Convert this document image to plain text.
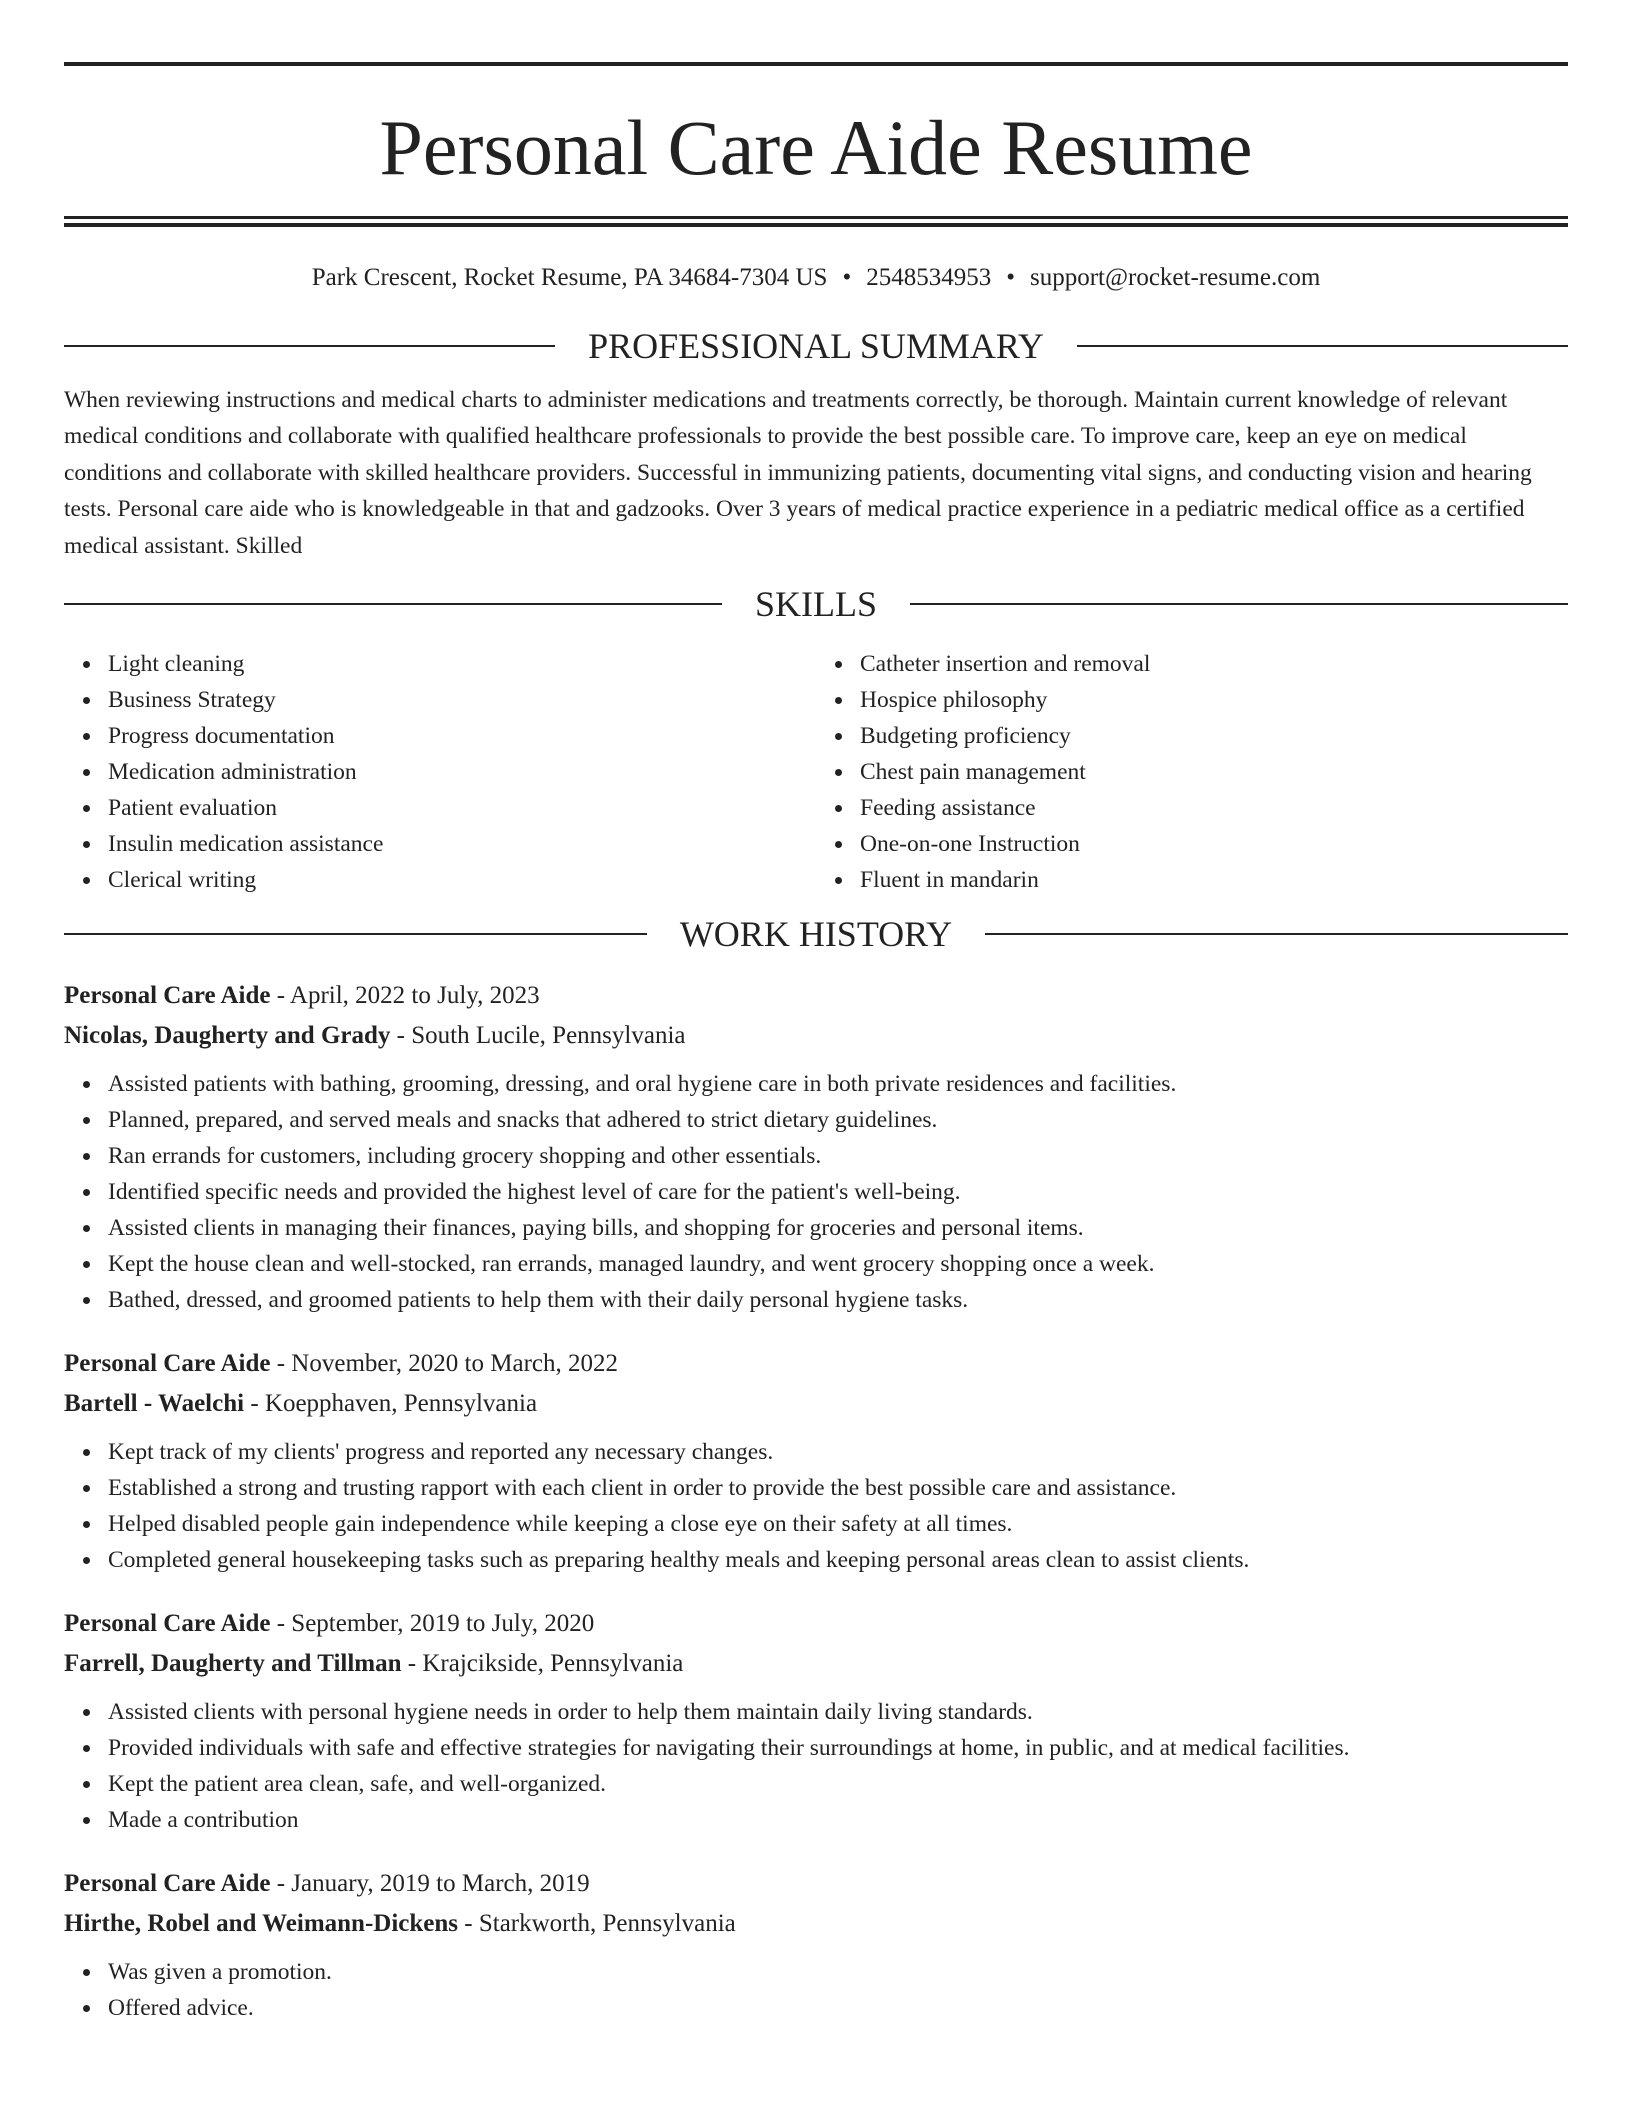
Personal Care Aide Resume
Park Crescent, Rocket Resume, PA 34684-7304 US • 2548534953 • support@rocket-resume.com
PROFESSIONAL SUMMARY

When reviewing instructions and medical charts to administer medications and treatments correctly, be thorough. Maintain current knowledge of relevant medical conditions and collaborate with qualified healthcare professionals to provide the best possible care. To improve care, keep an eye on medical conditions and collaborate with skilled healthcare providers. Successful in immunizing patients, documenting vital signs, and conducting vision and hearing tests. Personal care aide who is knowledgeable in that and gadzooks. Over 3 years of medical practice experience in a pediatric medical office as a certified medical assistant. Skilled

SKILLS
Light cleaning
Business Strategy
Progress documentation
Medication administration
Patient evaluation
Insulin medication assistance
Clerical writing
Catheter insertion and removal
Hospice philosophy
Budgeting proficiency
Chest pain management
Feeding assistance
One-on-one Instruction
Fluent in mandarin
WORK HISTORY
Personal Care Aide - April, 2022 to July, 2023
Nicolas, Daugherty and Grady - South Lucile, Pennsylvania
Assisted patients with bathing, grooming, dressing, and oral hygiene care in both private residences and facilities.
Planned, prepared, and served meals and snacks that adhered to strict dietary guidelines.
Ran errands for customers, including grocery shopping and other essentials.
Identified specific needs and provided the highest level of care for the patient's well-being.
Assisted clients in managing their finances, paying bills, and shopping for groceries and personal items.
Kept the house clean and well-stocked, ran errands, managed laundry, and went grocery shopping once a week.
Bathed, dressed, and groomed patients to help them with their daily personal hygiene tasks.
Personal Care Aide - November, 2020 to March, 2022
Bartell - Waelchi - Koepphaven, Pennsylvania
Kept track of my clients' progress and reported any necessary changes.
Established a strong and trusting rapport with each client in order to provide the best possible care and assistance.
Helped disabled people gain independence while keeping a close eye on their safety at all times.
Completed general housekeeping tasks such as preparing healthy meals and keeping personal areas clean to assist clients.
Personal Care Aide - September, 2019 to July, 2020
Farrell, Daugherty and Tillman - Krajcikside, Pennsylvania
Assisted clients with personal hygiene needs in order to help them maintain daily living standards.
Provided individuals with safe and effective strategies for navigating their surroundings at home, in public, and at medical facilities.
Kept the patient area clean, safe, and well-organized.
Made a contribution
Personal Care Aide - January, 2019 to March, 2019
Hirthe, Robel and Weimann-Dickens - Starkworth, Pennsylvania
Was given a promotion.
Offered advice.
